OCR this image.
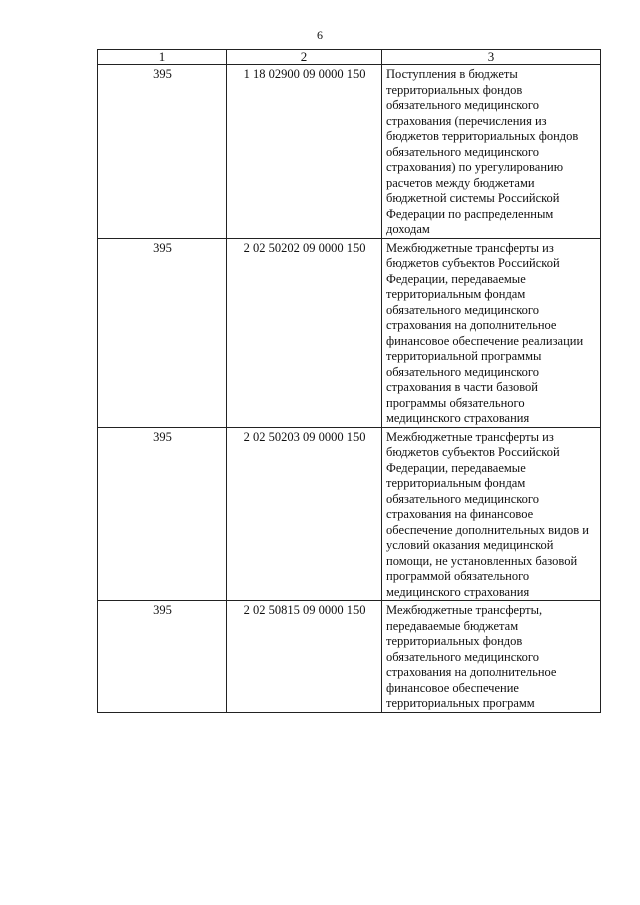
6
1	2	3
395	1 18 02900 09 0000 150	Поступления в бюджеты территориальных фондов обязательного медицинского страхования (перечисления из бюджетов территориальных фондов обязательного медицинского страхования) по урегулированию расчетов между бюджетами бюджетной системы Российской Федерации по распределенным доходам
395	2 02 50202 09 0000 150	Межбюджетные трансферты из бюджетов субъектов Российской Федерации, передаваемые территориальным фондам обязательного медицинского страхования на дополнительное финансовое обеспечение реализации территориальной программы обязательного медицинского страхования в части базовой программы обязательного медицинского страхования
395	2 02 50203 09 0000 150	Межбюджетные трансферты из бюджетов субъектов Российской Федерации, передаваемые территориальным фондам обязательного медицинского страхования на финансовое обеспечение дополнительных видов и условий оказания медицинской помощи, не установленных базовой программой обязательного медицинского страхования
395	2 02 50815 09 0000 150	Межбюджетные трансферты, передаваемые бюджетам территориальных фондов обязательного медицинского страхования на дополнительное финансовое обеспечение территориальных программ
